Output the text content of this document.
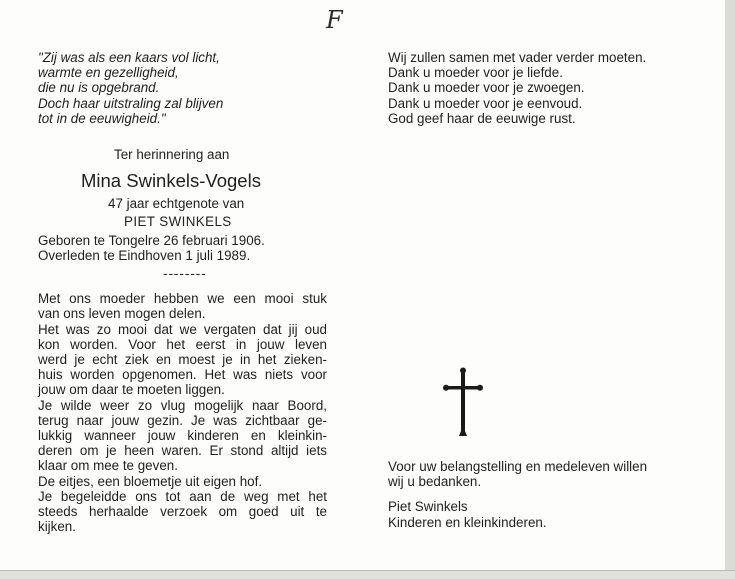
F
"Zij was als een kaars vol licht,
warmte en gezelligheid,
die nu is opgebrand.
Doch haar uitstraling zal blijven
tot in de eeuwigheid."
Ter herinnering aan
Mina Swinkels-Vogels
47 jaar echtgenote van
PIET SWINKELS
Geboren te Tongelre 26 februari 1906.
Overleden te Eindhoven 1 juli 1989.
--------
Met ons moeder hebben we een mooi stuk
van ons leven mogen delen.
Het was zo mooi dat we vergaten dat jij oud
kon worden. Voor het eerst in jouw leven
werd je echt ziek en moest je in het zieken-
huis worden opgenomen. Het was niets voor
jouw om daar te moeten liggen.
Je wilde weer zo vlug mogelijk naar Boord,
terug naar jouw gezin. Je was zichtbaar ge-
lukkig wanneer jouw kinderen en kleinkin-
deren om je heen waren. Er stond altijd iets
klaar om mee te geven.
De eitjes, een bloemetje uit eigen hof.
Je begeleidde ons tot aan de weg met het
steeds herhaalde verzoek om goed uit te
kijken.
Wij zullen samen met vader verder moeten.
Dank u moeder voor je liefde.
Dank u moeder voor je zwoegen.
Dank u moeder voor je eenvoud.
God geef haar de eeuwige rust.
Voor uw belangstelling en medeleven willen
wij u bedanken.
Piet Swinkels
Kinderen en kleinkinderen.
